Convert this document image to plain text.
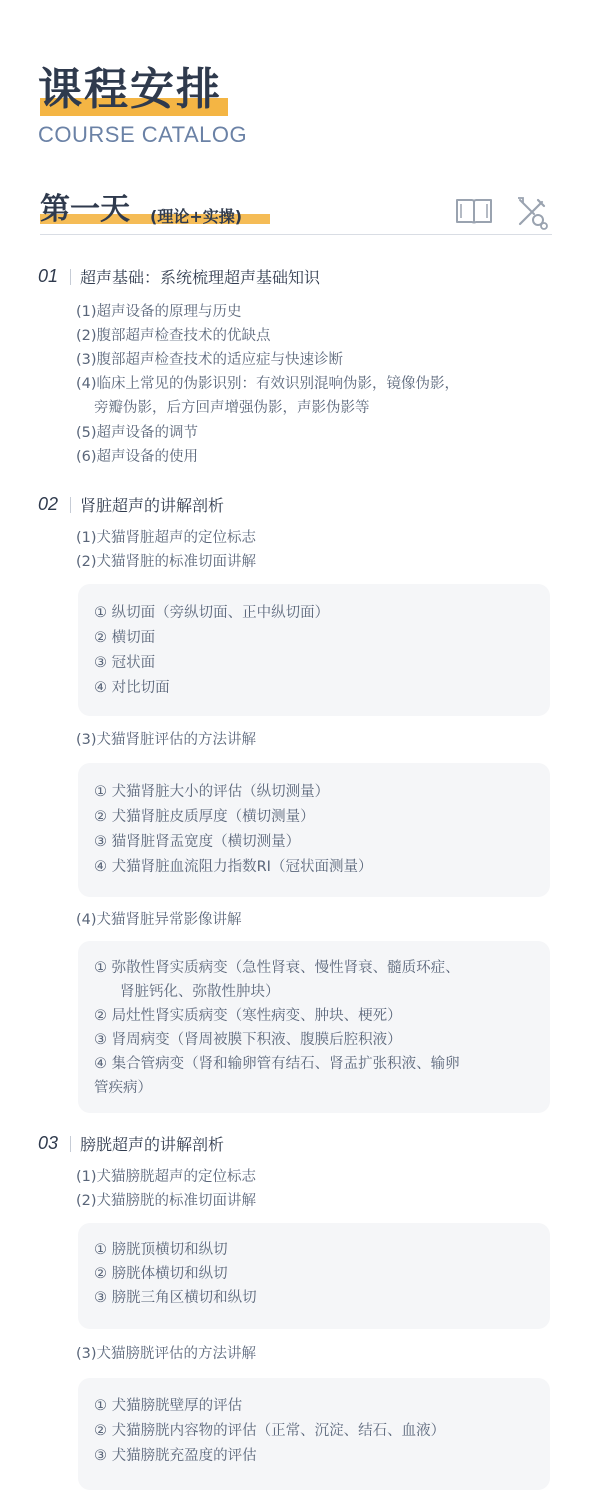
课程安排
COURSE CATALOG
第一天 (理论+实操)
01	超声基础：系统梳理超声基础知识
(1)超声设备的原理与历史
(2)腹部超声检查技术的优缺点
(3)腹部超声检查技术的适应症与快速诊断
(4)临床上常见的伪影识别：有效识别混响伪影，镜像伪影，
旁瓣伪影，后方回声增强伪影，声影伪影等
(5)超声设备的调节
(6)超声设备的使用
02	肾脏超声的讲解剖析
(1)犬猫肾脏超声的定位标志
(2)犬猫肾脏的标准切面讲解
① 纵切面（旁纵切面、正中纵切面）
② 横切面
③ 冠状面
④ 对比切面
(3)犬猫肾脏评估的方法讲解
① 犬猫肾脏大小的评估（纵切测量）
② 犬猫肾脏皮质厚度（横切测量）
③ 猫肾脏肾盂宽度（横切测量）
④ 犬猫肾脏血流阻力指数RI（冠状面测量）
(4)犬猫肾脏异常影像讲解
① 弥散性肾实质病变（急性肾衰、慢性肾衰、髓质环症、
肾脏钙化、弥散性肿块）
② 局灶性肾实质病变（寒性病变、肿块、梗死）
③ 肾周病变（肾周被膜下积液、腹膜后腔积液）
④ 集合管病变（肾和输卵管有结石、肾盂扩张积液、输卵
管疾病）
03	膀胱超声的讲解剖析
(1)犬猫膀胱超声的定位标志
(2)犬猫膀胱的标准切面讲解
① 膀胱顶横切和纵切
② 膀胱体横切和纵切
③ 膀胱三角区横切和纵切
(3)犬猫膀胱评估的方法讲解
① 犬猫膀胱壁厚的评估
② 犬猫膀胱内容物的评估（正常、沉淀、结石、血液）
③ 犬猫膀胱充盈度的评估
